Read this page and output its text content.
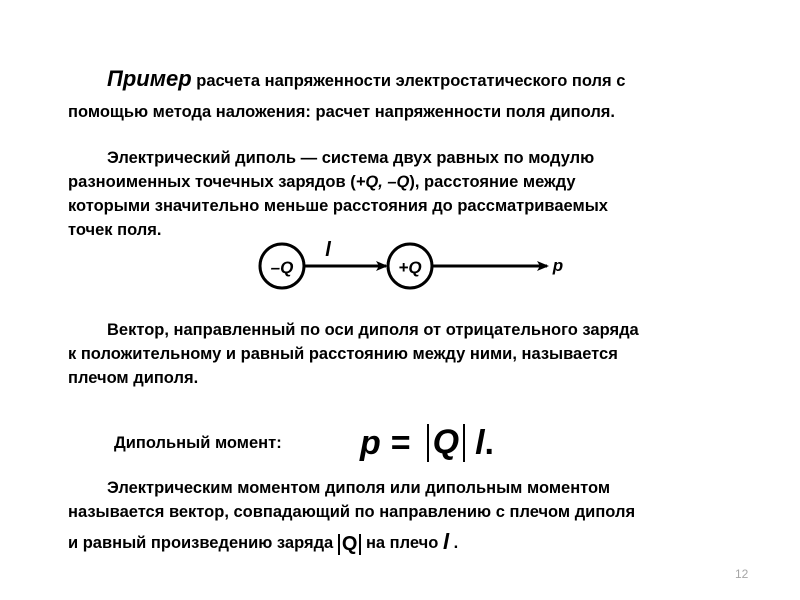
Пример расчета напряженности электростатического поля с
помощью метода наложения: расчет напряженности поля диполя.
Электрический диполь — система двух равных по модулю
разноименных точечных зарядов (+Q, –Q), расстояние между
которыми значительно меньше расстояния до рассматриваемых
точек поля.
–Q
l
+Q	p
Вектор, направленный по оси диполя от отрицательного заряда
к положительному и равный расстоянию между ними, называется
плечом диполя.
Дипольный момент: p = Q l .
Электрическим моментом диполя или дипольным моментом
называется вектор, совпадающий по направлению с плечом диполя
и равный произведению заряда Q на плечо l .
12
